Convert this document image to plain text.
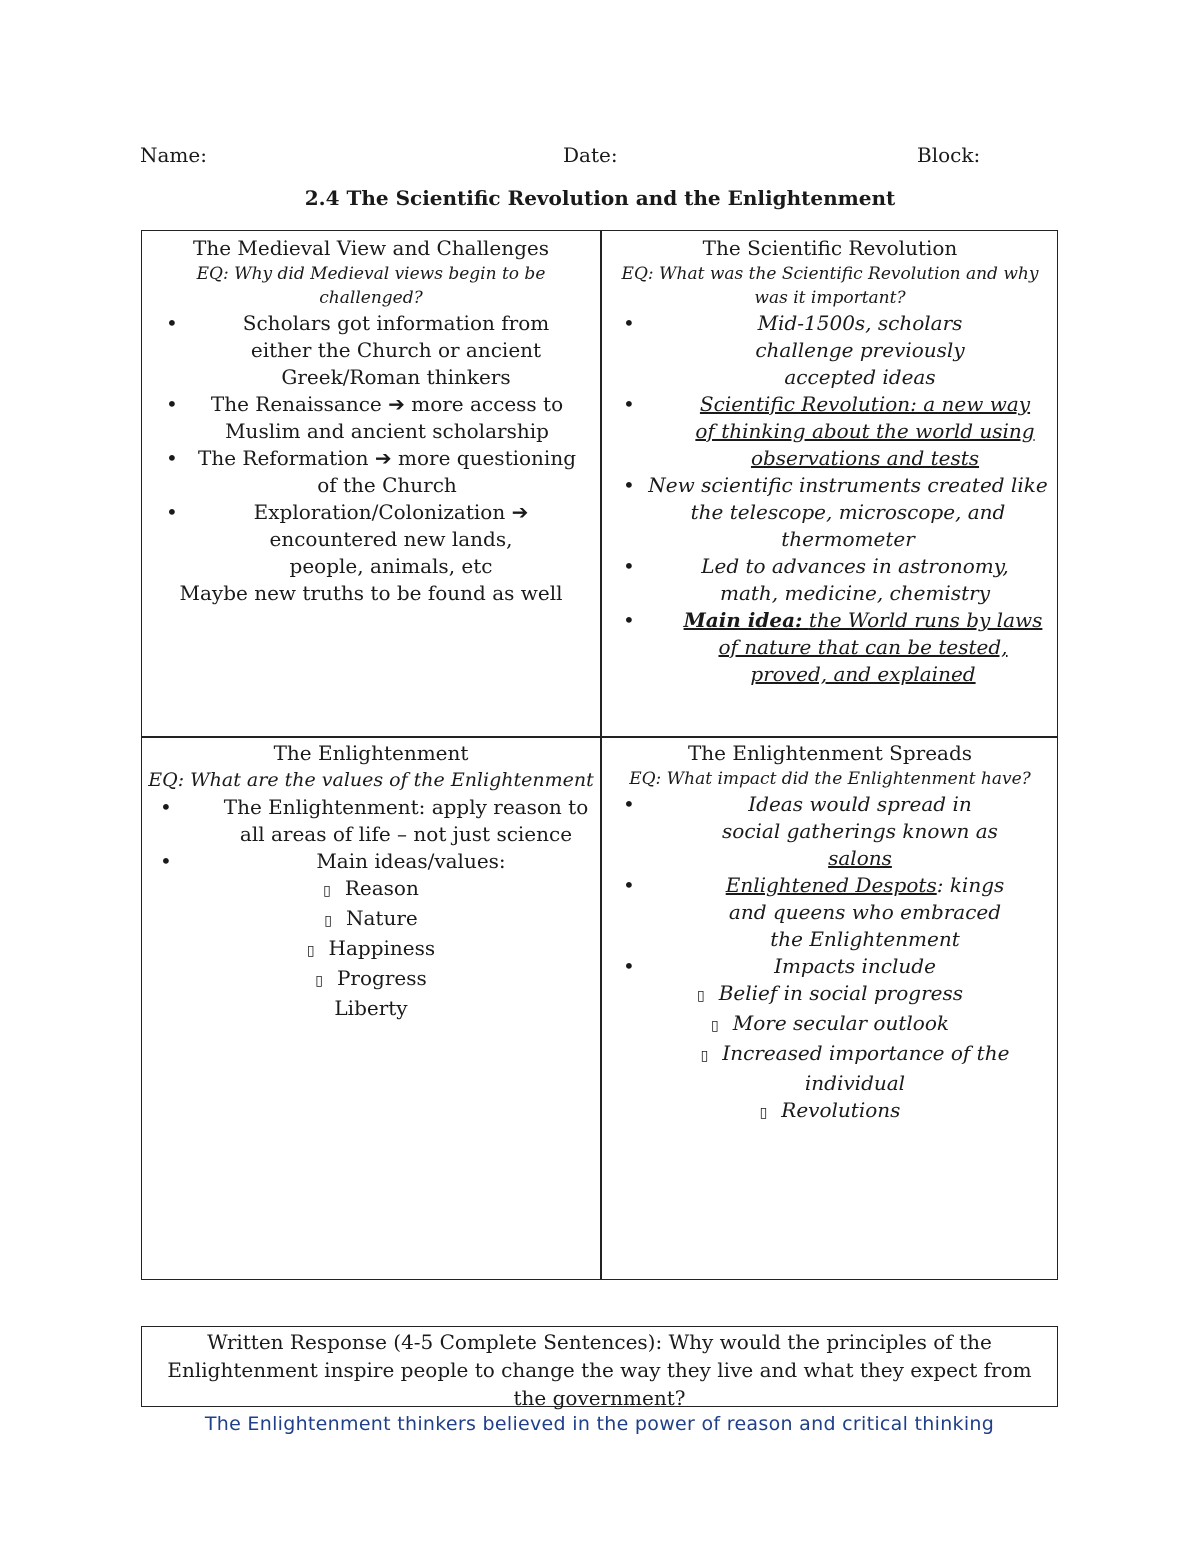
Name:	Date:	Block:
2.4 The Scientific Revolution and the Enlightenment
The Medieval View and Challenges
EQ: Why did Medieval views begin to be challenged?
• Scholars got information from either the Church or ancient Greek/Roman thinkers
• The Renaissance ➔ more access to Muslim and ancient scholarship
• The Reformation ➔ more questioning of the Church
• Exploration/Colonization ➔ encountered new lands, people, animals, etc
Maybe new truths to be found as well
The Scientific Revolution
EQ: What was the Scientific Revolution and why was it important?
• Mid-1500s, scholars challenge previously accepted ideas
• Scientific Revolution: a new way of thinking about the world using observations and tests
• New scientific instruments created like the telescope, microscope, and thermometer
• Led to advances in astronomy, math, medicine, chemistry
• Main idea: the World runs by laws of nature that can be tested, proved, and explained
The Enlightenment
EQ: What are the values of the Enlightenment
• The Enlightenment: apply reason to all areas of life – not just science
• Main ideas/values:
▯ Reason
▯ Nature
▯ Happiness
▯ Progress
Liberty
The Enlightenment Spreads
EQ: What impact did the Enlightenment have?
• Ideas would spread in social gatherings known as salons
• Enlightened Despots: kings and queens who embraced the Enlightenment
• Impacts include
▯ Belief in social progress
▯ More secular outlook
▯ Increased importance of the individual
▯ Revolutions
Written Response (4-5 Complete Sentences): Why would the principles of the Enlightenment inspire people to change the way they live and what they expect from the government?
The Enlightenment thinkers believed in the power of reason and critical thinking
